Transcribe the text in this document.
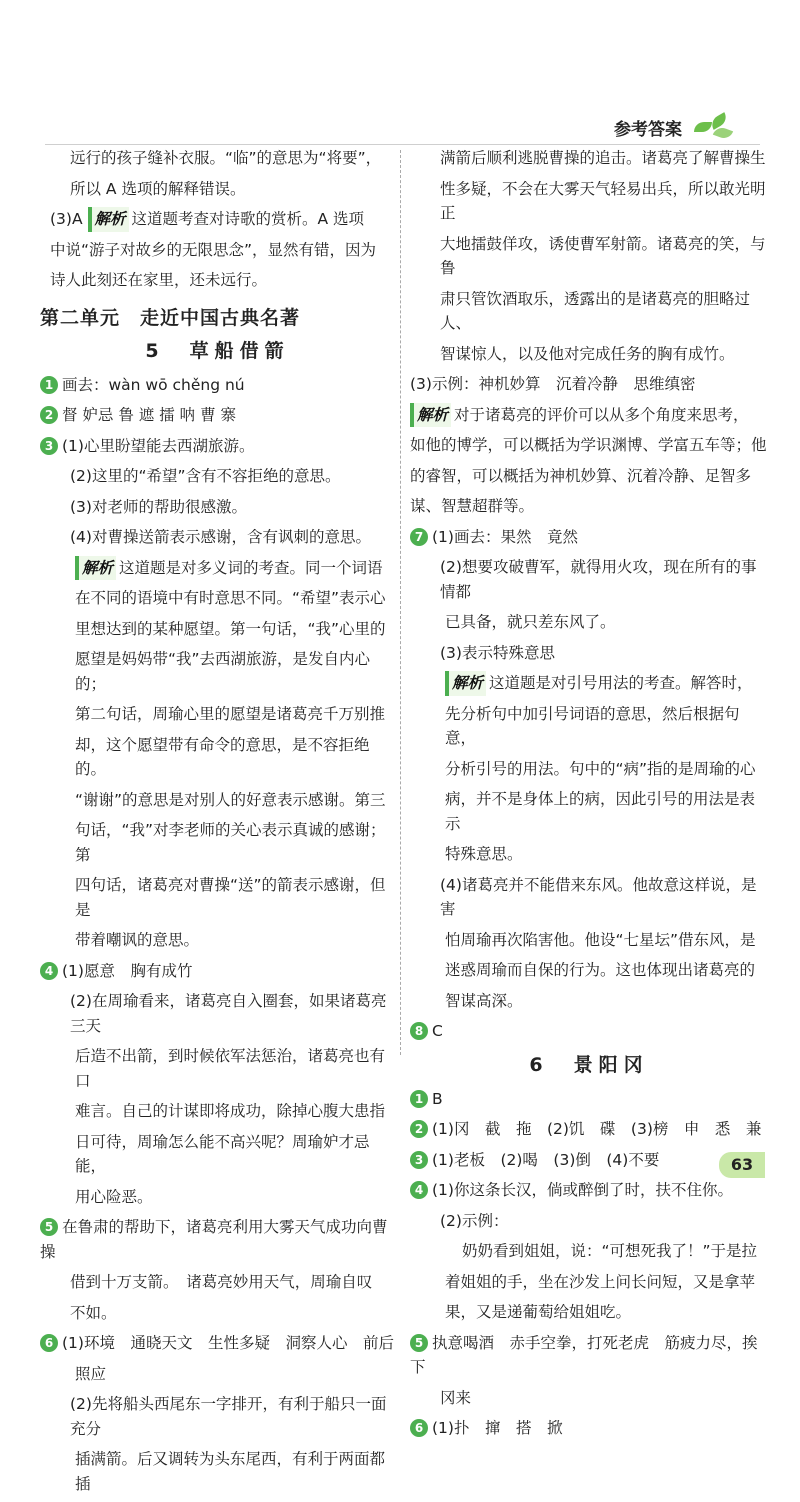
参考答案

远行的孩子缝补衣服。“临”的意思为“将要”，

所以 A 选项的解释错误。

(3)A 解析 这道题考查对诗歌的赏析。A 选项

中说“游子对故乡的无限思念”，显然有错，因为

诗人此刻还在家里，还未远行。

第二单元　走近中国古典名著
5　草船借箭

1 画去：wàn wō chěng nú

2 督 妒忌 鲁 遮 擂 呐 曹 寨

3 (1)心里盼望能去西湖旅游。

(2)这里的“希望”含有不容拒绝的意思。

(3)对老师的帮助很感激。

(4)对曹操送箭表示感谢，含有讽刺的意思。

解析 这道题是对多义词的考查。同一个词语

在不同的语境中有时意思不同。“希望”表示心

里想达到的某种愿望。第一句话，“我”心里的

愿望是妈妈带“我”去西湖旅游，是发自内心的；

第二句话，周瑜心里的愿望是诸葛亮千万别推

却，这个愿望带有命令的意思，是不容拒绝的。

“谢谢”的意思是对别人的好意表示感谢。第三

句话，“我”对李老师的关心表示真诚的感谢；第

四句话，诸葛亮对曹操“送”的箭表示感谢，但是

带着嘲讽的意思。

4 (1)愿意　胸有成竹

(2)在周瑜看来，诸葛亮自入圈套，如果诸葛亮三天

后造不出箭，到时候依军法惩治，诸葛亮也有口

难言。自己的计谋即将成功，除掉心腹大患指

日可待，周瑜怎么能不高兴呢？周瑜妒才忌能，

用心险恶。

5 在鲁肃的帮助下，诸葛亮利用大雾天气成功向曹操

借到十万支箭。　诸葛亮妙用天气，周瑜自叹

不如。

6 (1)环境　通晓天文　生性多疑　洞察人心　前后

照应

(2)先将船头西尾东一字排开，有利于船只一面充分

插满箭。后又调转为头东尾西，有利于两面都插

满箭后顺利逃脱曹操的追击。诸葛亮了解曹操生

性多疑，不会在大雾天气轻易出兵，所以敢光明正

大地擂鼓佯攻，诱使曹军射箭。诸葛亮的笑，与鲁

肃只管饮酒取乐，透露出的是诸葛亮的胆略过人、

智谋惊人，以及他对完成任务的胸有成竹。

(3)示例：神机妙算　沉着冷静　思维缜密

解析 对于诸葛亮的评价可以从多个角度来思考，

如他的博学，可以概括为学识渊博、学富五车等；他

的睿智，可以概括为神机妙算、沉着冷静、足智多

谋、智慧超群等。

7 (1)画去：果然　竟然

(2)想要攻破曹军，就得用火攻，现在所有的事情都

已具备，就只差东风了。

(3)表示特殊意思

解析 这道题是对引号用法的考查。解答时，

先分析句中加引号词语的意思，然后根据句意，

分析引号的用法。句中的“病”指的是周瑜的心

病，并不是身体上的病，因此引号的用法是表示

特殊意思。

(4)诸葛亮并不能借来东风。他故意这样说，是害

怕周瑜再次陷害他。他设“七星坛”借东风，是

迷惑周瑜而自保的行为。这也体现出诸葛亮的

智谋高深。

8 C

6　景阳冈

1 B

2 (1)冈　截　拖　(2)饥　碟　(3)榜　申　悉　兼

3 (1)老板　(2)喝　(3)倒　(4)不要

4 (1)你这条长汉，倘或醉倒了时，扶不住你。

(2)示例：

奶奶看到姐姐，说：“可想死我了！”于是拉

着姐姐的手，坐在沙发上问长问短，又是拿苹

果，又是递葡萄给姐姐吃。

5 执意喝酒　赤手空拳，打死老虎　筋疲力尽，挨下

冈来

6 (1)扑　撺　搭　掀

63
